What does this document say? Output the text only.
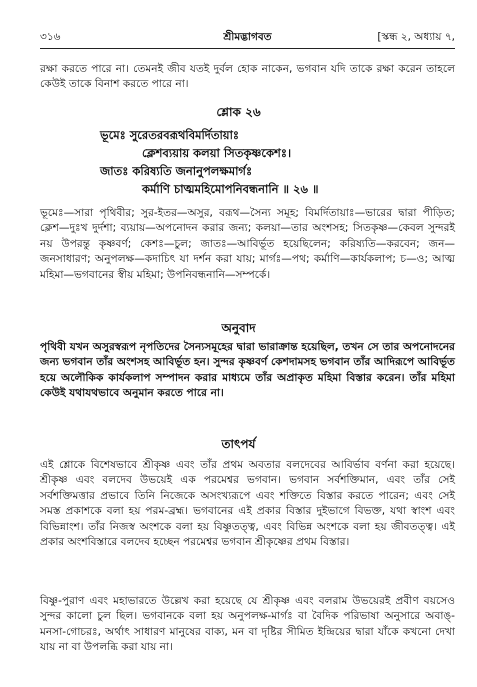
৩১৬	শ্রীমদ্ভাগবত	[স্কন্ধ ২, অধ্যায় ৭,
রক্ষা করতে পারে না। তেমনই জীব যতই দুর্বল হোক নাকেন, ভগবান যদি তাকে রক্ষা করেন তাহলে কেউই তাকে বিনাশ করতে পারে না।
শ্লোক ২৬
ভূমেঃ সুরেতরবরূথবিমর্দিতায়াঃ
ক্লেশব্যয়ায় কলয়া সিতকৃষ্ণকেশঃ।
জাতঃ করিষ্যতি জনানুপলক্ষমার্গঃ
কর্মাণি চাত্মমহিমোপনিবন্ধনানি ॥ ২৬ ॥
ভূমেঃ—সারা পৃথিবীর; সুর-ইতর—অসুর, বরূথ—সৈন্য সমূহ; বিমর্দিতায়াঃ—ভারের দ্বারা পীড়িত; ক্লেশ—দুঃখ দুর্দশা; ব্যয়ায়—অপনোদন করার জন্য; কলয়া—তার অংশসহ; সিতকৃষ্ণ—কেবল সুন্দরই নয় উপরন্তু কৃষ্ণবর্ণ; কেশঃ—চুল; জাতঃ—আবির্ভূত হয়েছিলেন; করিষ্যতি—করবেন; জন—জনসাধারণ; অনুপলক্ষ—কদাচিৎ যা দর্শন করা যায়; মার্গঃ—পথ; কর্মাণি—কার্যকলাপ; চ—ও; আত্ম মহিমা—ভগবানের স্বীয় মহিমা; উপনিবন্ধনানি—সম্পর্কে।
অনুবাদ
পৃথিবী যখন অসুরস্বরূপ নৃপতিদের সৈন্যসমূহের দ্বারা ভারাক্রান্ত হয়েছিল, তখন সে তার অপনোদনের জন্য ভগবান তাঁর অংশসহ আবির্ভূত হন। সুন্দর কৃষ্ণবর্ণ কেশদামসহ ভগবান তাঁর আদিরূপে আবির্ভূত হয়ে অলৌকিক কার্যকলাপ সম্পাদন করার মাধ্যমে তাঁর অপ্রাকৃত মহিমা বিস্তার করেন। তাঁর মহিমা কেউই যথাযথভাবে অনুমান করতে পারে না।
তাৎপর্য
এই শ্লোকে বিশেষভাবে শ্রীকৃষ্ণ এবং তাঁর প্রথম অবতার বলদেবের আবির্ভাব বর্ণনা করা হয়েছে। শ্রীকৃষ্ণ এবং বলদেব উভয়েই এক পরমেশ্বর ভগবান। ভগবান সর্বশক্তিমান, এবং তাঁর সেই সর্বশক্তিমত্তার প্রভাবে তিনি নিজেকে অসংখ্যরূপে এবং শক্তিতে বিস্তার করতে পারেন; এবং সেই সমস্ত প্রকাশকে বলা হয় পরম-ব্রহ্ম। ভগবানের এই প্রকার বিস্তার দুইভাগে বিভক্ত, যথা স্বাংশ এবং বিভিন্নাংশ। তাঁর নিজস্ব অংশকে বলা হয় বিষ্ণুতত্ত্ব, এবং বিভিন্ন অংশকে বলা হয় জীবতত্ত্ব। এই প্রকার অংশবিস্তারে বলদেব হচ্ছেন পরমেশ্বর ভগবান শ্রীকৃষ্ণের প্রথম বিস্তার।
বিষ্ণু-পুরাণ এবং মহাভারতে উল্লেখ করা হয়েছে যে শ্রীকৃষ্ণ এবং বলরাম উভয়েরই প্রবীণ বয়সেও সুন্দর কালো চুল ছিল। ভগবানকে বলা হয় অনুপলক্ষ-মার্গঃ বা বৈদিক পরিভাষা অনুসারে অবাঙ্-মনসা-গোচরঃ, অর্থাৎ সাধারণ মানুষের বাক্য, মন বা দৃষ্টির সীমিত ইন্দ্রিয়ের দ্বারা যাঁকে কখনো দেখা যায় না বা উপলব্ধি করা যায় না।
